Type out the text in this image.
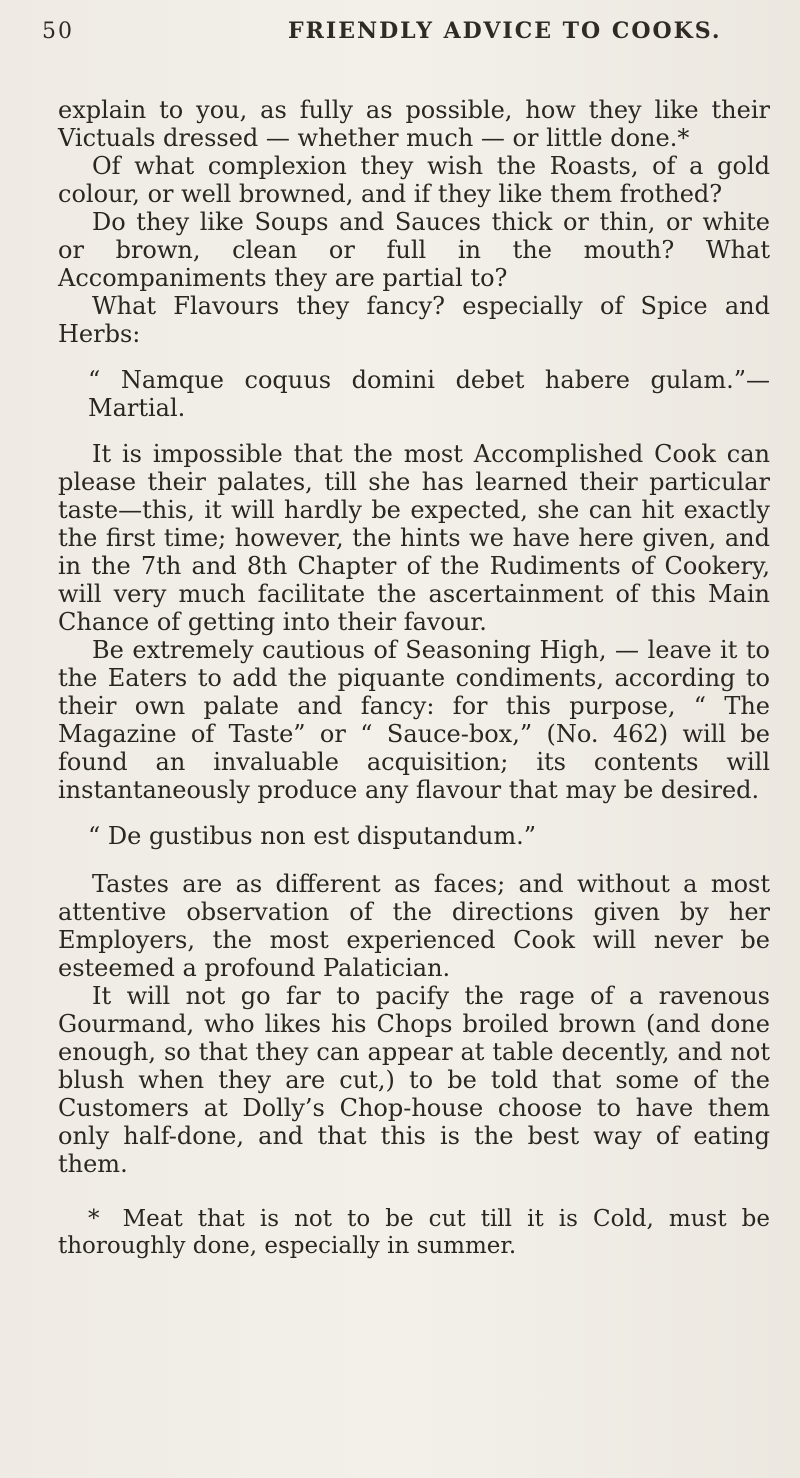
50	FRIENDLY ADVICE TO COOKS.

explain to you, as fully as possible, how they like their Victuals dressed — whether much — or little done.*

Of what complexion they wish the Roasts, of a gold colour, or well browned, and if they like them frothed?

Do they like Soups and Sauces thick or thin, or white or brown, clean or full in the mouth? What Accompaniments they are partial to?

What Flavours they fancy? especially of Spice and Herbs:

“ Namque coquus domini debet habere gulam.”— Martial.

It is impossible that the most Accomplished Cook can please their palates, till she has learned their particular taste—this, it will hardly be expected, she can hit exactly the first time; however, the hints we have here given, and in the 7th and 8th Chapter of the Rudiments of Cookery, will very much facilitate the ascertainment of this Main Chance of getting into their favour.

Be extremely cautious of Seasoning High, — leave it to the Eaters to add the piquante condiments, according to their own palate and fancy: for this purpose, “ The Magazine of Taste” or “ Sauce-box,” (No. 462) will be found an invaluable acquisition; its contents will instantaneously produce any flavour that may be desired.

“ De gustibus non est disputandum.”

Tastes are as different as faces; and without a most attentive observation of the directions given by her Employers, the most experienced Cook will never be esteemed a profound Palatician.

It will not go far to pacify the rage of a ravenous Gourmand, who likes his Chops broiled brown (and done enough, so that they can appear at table decently, and not blush when they are cut,) to be told that some of the Customers at Dolly’s Chop-house choose to have them only half-done, and that this is the best way of eating them.

* Meat that is not to be cut till it is Cold, must be thoroughly done, especially in summer.
